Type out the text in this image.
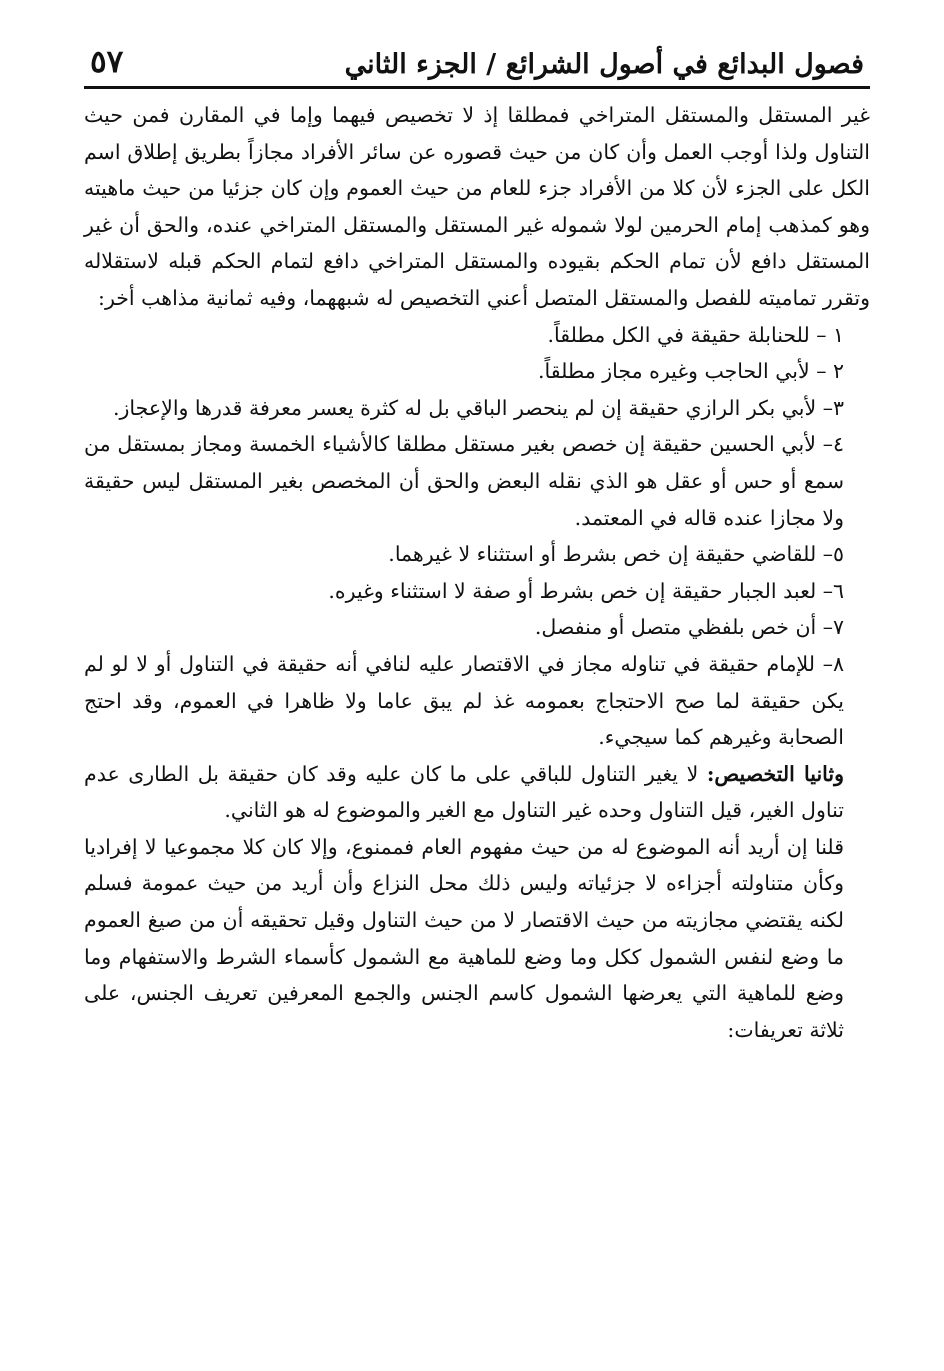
فصول البدائع في أصول الشرائع / الجزء الثاني
٥٧

غير المستقل والمستقل المتراخي فمطلقا إذ لا تخصيص فيهما وإما في المقارن فمن حيث التناول ولذا أوجب العمل وأن كان من حيث قصوره عن سائر الأفراد مجازاً بطريق إطلاق اسم الكل على الجزء لأن كلا من الأفراد جزء للعام من حيث العموم وإن كان جزئيا من حيث ماهيته وهو كمذهب إمام الحرمين لولا شموله غير المستقل والمستقل المتراخي عنده، والحق أن غير المستقل دافع لأن تمام الحكم بقيوده والمستقل المتراخي دافع لتمام الحكم قبله لاستقلاله وتقرر تماميته للفصل والمستقل المتصل أعني التخصيص له شبههما، وفيه ثمانية مذاهب أخر:

١ – للحنابلة حقيقة في الكل مطلقاً.

٢ – لأبي الحاجب وغيره مجاز مطلقاً.

٣– لأبي بكر الرازي حقيقة إن لم ينحصر الباقي بل له كثرة يعسر معرفة قدرها والإعجاز.

٤– لأبي الحسين حقيقة إن خصص بغير مستقل مطلقا كالأشياء الخمسة ومجاز بمستقل من سمع أو حس أو عقل هو الذي نقله البعض والحق أن المخصص بغير المستقل ليس حقيقة ولا مجازا عنده قاله في المعتمد.

٥– للقاضي حقيقة إن خص بشرط أو استثناء لا غيرهما.

٦– لعبد الجبار حقيقة إن خص بشرط أو صفة لا استثناء وغيره.

٧– أن خص بلفظي متصل أو منفصل.

٨– للإمام حقيقة في تناوله مجاز في الاقتصار عليه لنافي أنه حقيقة في التناول أو لا لو لم يكن حقيقة لما صح الاحتجاج بعمومه غذ لم يبق عاما ولا ظاهرا في العموم، وقد احتج الصحابة وغيرهم كما سيجيء.

وثانيا التخصيص: لا يغير التناول للباقي على ما كان عليه وقد كان حقيقة بل الطارى عدم تناول الغير، قيل التناول وحده غير التناول مع الغير والموضوع له هو الثاني.

قلنا إن أريد أنه الموضوع له من حيث مفهوم العام فممنوع، وإلا كان كلا مجموعيا لا إفراديا وكأن متناولته أجزاءه لا جزئياته وليس ذلك محل النزاع وأن أريد من حيث عمومة فسلم لكنه يقتضي مجازيته من حيث الاقتصار لا من حيث التناول وقيل تحقيقه أن من صيغ العموم ما وضع لنفس الشمول ككل وما وضع للماهية مع الشمول كأسماء الشرط والاستفهام وما وضع للماهية التي يعرضها الشمول كاسم الجنس والجمع المعرفين تعريف الجنس، على ثلاثة تعريفات:
